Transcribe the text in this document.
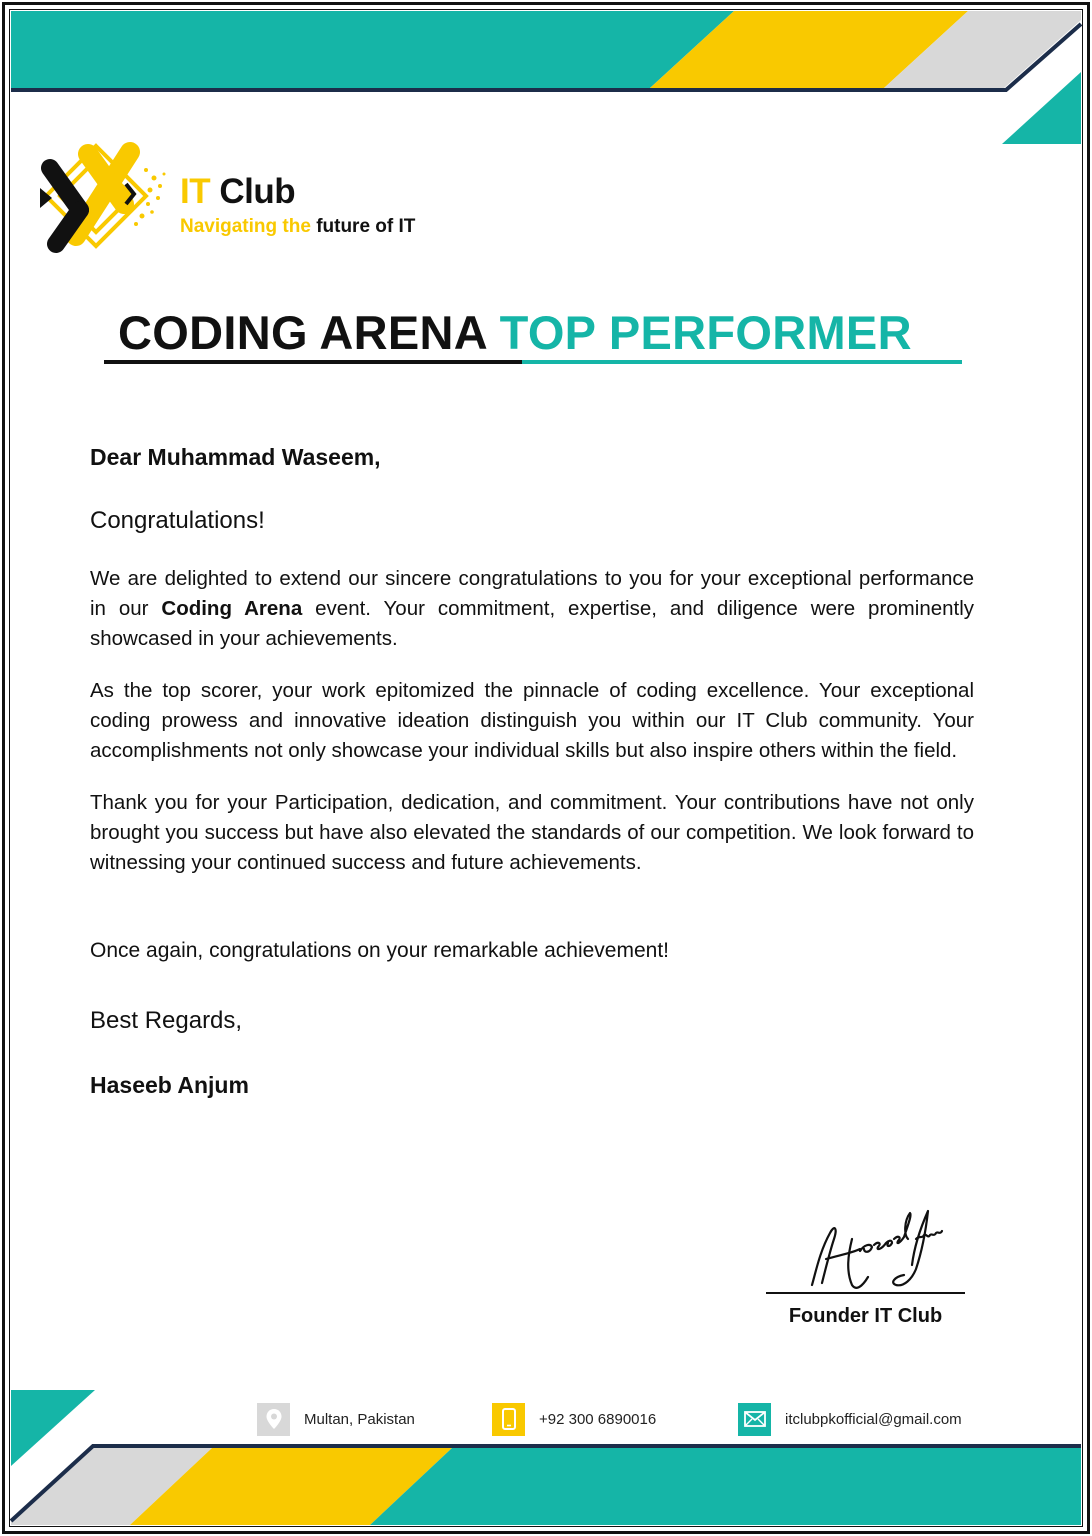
IT Club
Navigating the future of IT
CODING ARENA TOP PERFORMER

Dear Muhammad Waseem,

Congratulations!

We are delighted to extend our sincere congratulations to you for your exceptional performance in our Coding Arena event. Your commitment, expertise, and diligence were prominently showcased in your achievements.

As the top scorer, your work epitomized the pinnacle of coding excellence. Your exceptional coding prowess and innovative ideation distinguish you within our IT Club community. Your accomplishments not only showcase your individual skills but also inspire others within the field.

Thank you for your Participation, dedication, and commitment. Your contributions have not only brought you success but have also elevated the standards of our competition. We look forward to witnessing your continued success and future achievements.

Once again, congratulations on your remarkable achievement!

Best Regards,

Haseeb Anjum

Founder IT Club
Multan, Pakistan	+92 300 6890016	itclubpkofficial@gmail.com
